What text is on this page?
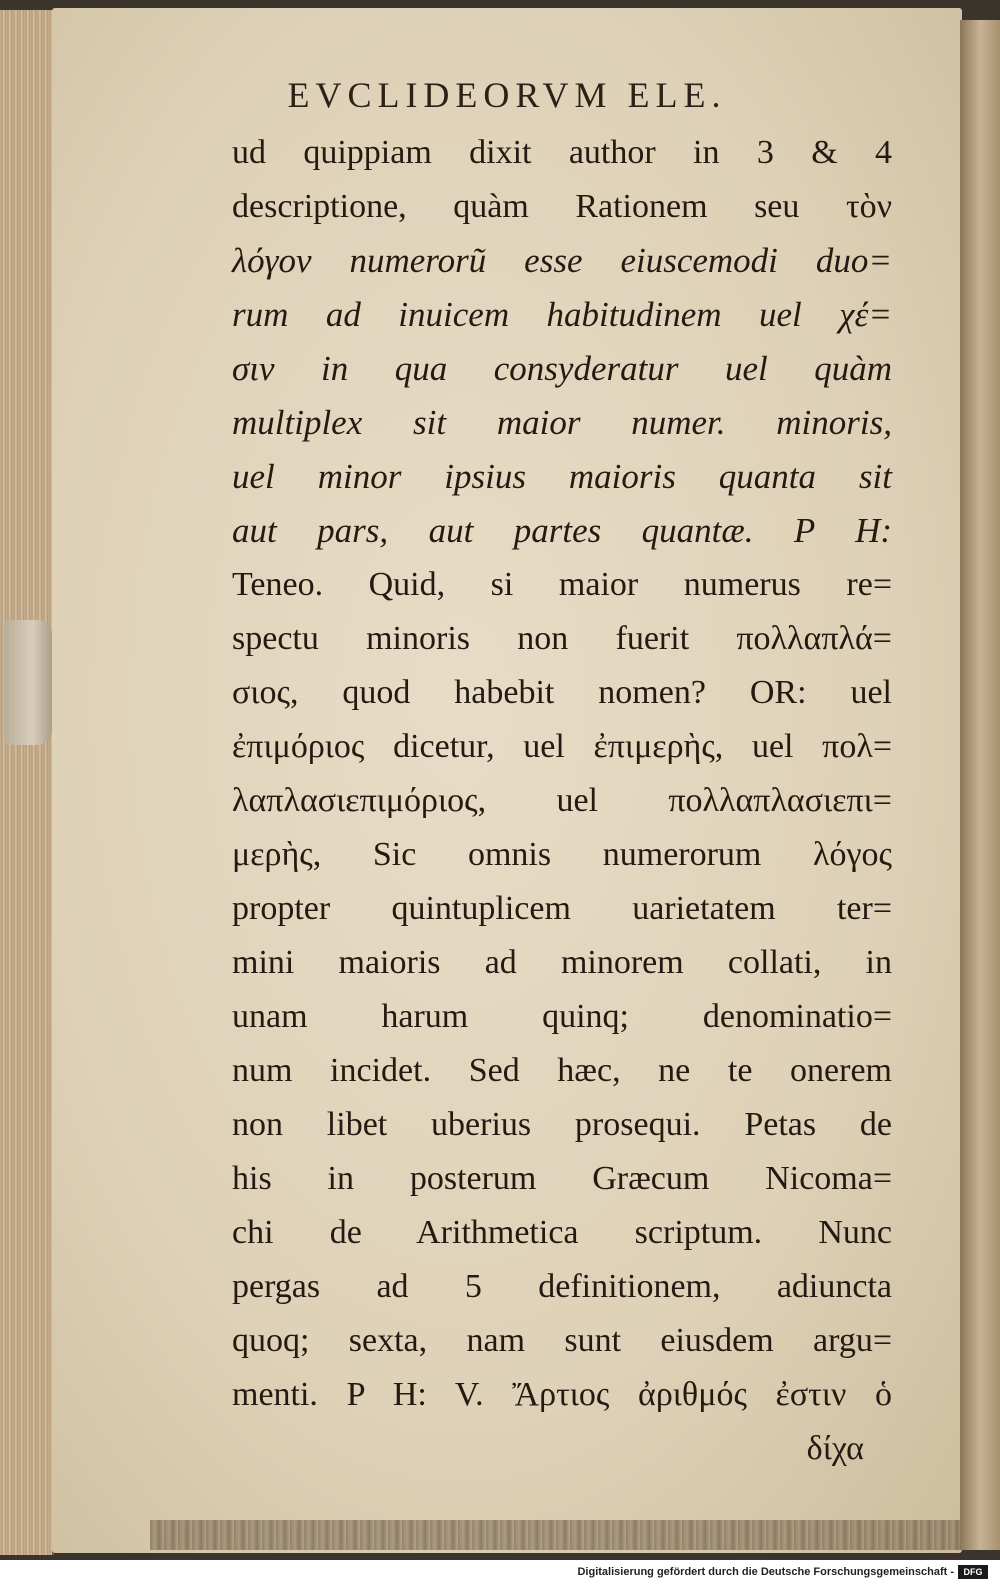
EVCLIDEORVM ELE.
ud quippiam dixit author in 3 & 4
descriptione, quàm Rationem seu τὸν
λόγον numerorũ esse eiuscemodi duo=
rum ad inuicem habitudinem uel χέ=
σιν in qua consyderatur uel quàm
multiplex sit maior numer. minoris,
uel minor ipsius maioris quanta sit
aut pars, aut partes quantæ. P H:
Teneo. Quid, si maior numerus re=
spectu minoris non fuerit πολλαπλά=
σιος, quod habebit nomen? OR: uel
ἐπιμόριος dicetur, uel ἐπιμερὴς, uel πολ=
λαπλασιεπιμόριος, uel πολλαπλασιεπι=
μερὴς, Sic omnis numerorum λόγος
propter quintuplicem uarietatem ter=
mini maioris ad minorem collati, in
unam harum quinq; denominatio=
num incidet. Sed hæc, ne te onerem
non libet uberius prosequi. Petas de
his in posterum Græcum Nicoma=
chi de Arithmetica scriptum. Nunc
pergas ad 5 definitionem, adiuncta
quoq; sexta, nam sunt eiusdem argu=
menti. P H: V. Ἄρτιος ἀριθμός ἐστιν ὁ
δίχα
Digitalisierung gefördert durch die Deutsche Forschungsgemeinschaft -	DFG
